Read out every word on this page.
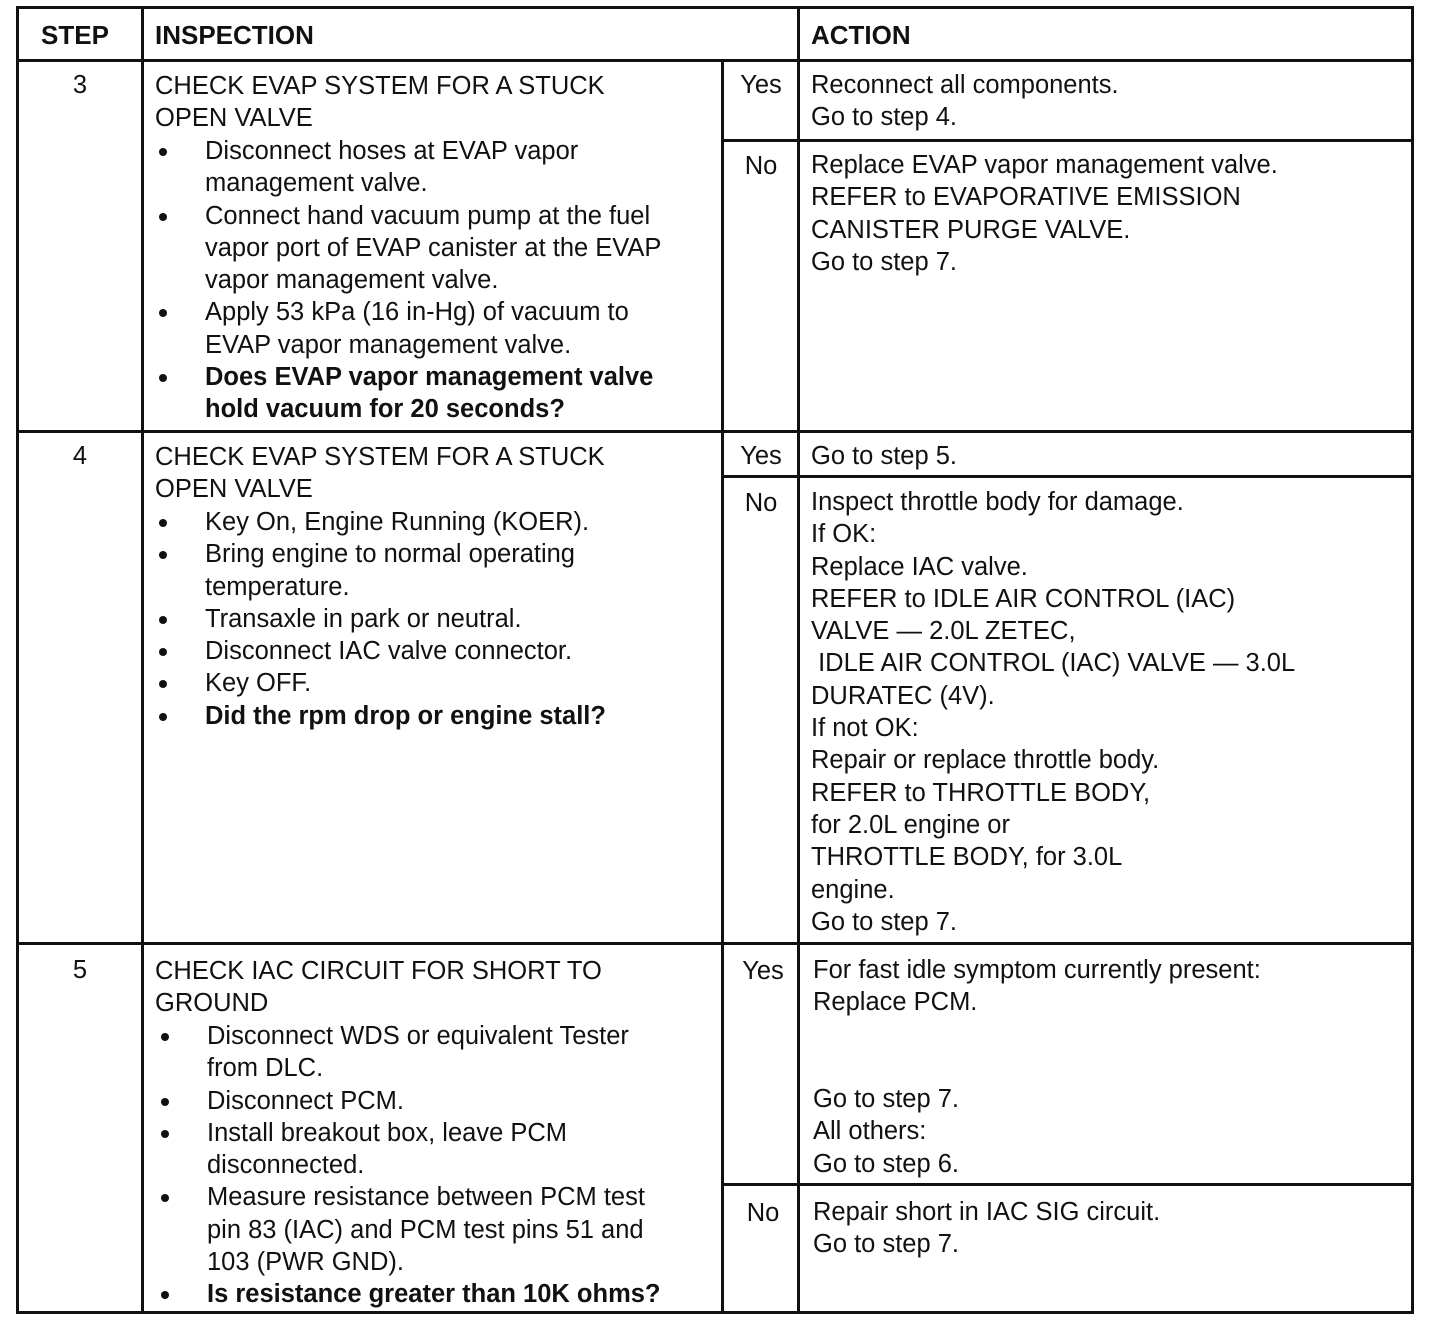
STEP INSPECTION	ACTION
3	CHECK EVAP SYSTEM FOR A STUCK
OPEN VALVE
Disconnect hoses at EVAP vapor
management valve.
Connect hand vacuum pump at the fuel
vapor port of EVAP canister at the EVAP
vapor management valve.
Apply 53 kPa (16 in-Hg) of vacuum to
EVAP vapor management valve.
Does EVAP vapor management valve
hold vacuum for 20 seconds?
Yes	Reconnect all components.
Go to step 4.
No	Replace EVAP vapor management valve.
REFER to EVAPORATIVE EMISSION
CANISTER PURGE VALVE.
Go to step 7.
4	CHECK EVAP SYSTEM FOR A STUCK
OPEN VALVE
Key On, Engine Running (KOER).
Bring engine to normal operating
temperature.
Transaxle in park or neutral.
Disconnect IAC valve connector.
Key OFF.
Did the rpm drop or engine stall?
Yes	Go to step 5.
No	Inspect throttle body for damage.
If OK:
Replace IAC valve.
REFER to IDLE AIR CONTROL (IAC)
VALVE — 2.0L ZETEC,
IDLE AIR CONTROL (IAC) VALVE — 3.0L
DURATEC (4V).
If not OK:
Repair or replace throttle body.
REFER to THROTTLE BODY,
for 2.0L engine or
THROTTLE BODY, for 3.0L
engine.
Go to step 7.
5	CHECK IAC CIRCUIT FOR SHORT TO
GROUND
Disconnect WDS or equivalent Tester
from DLC.
Disconnect PCM.
Install breakout box, leave PCM
disconnected.
Measure resistance between PCM test
pin 83 (IAC) and PCM test pins 51 and
103 (PWR GND).
Is resistance greater than 10K ohms?
Yes	For fast idle symptom currently present:
Replace PCM.
Go to step 7.
All others:
Go to step 6.
No	Repair short in IAC SIG circuit.
Go to step 7.
